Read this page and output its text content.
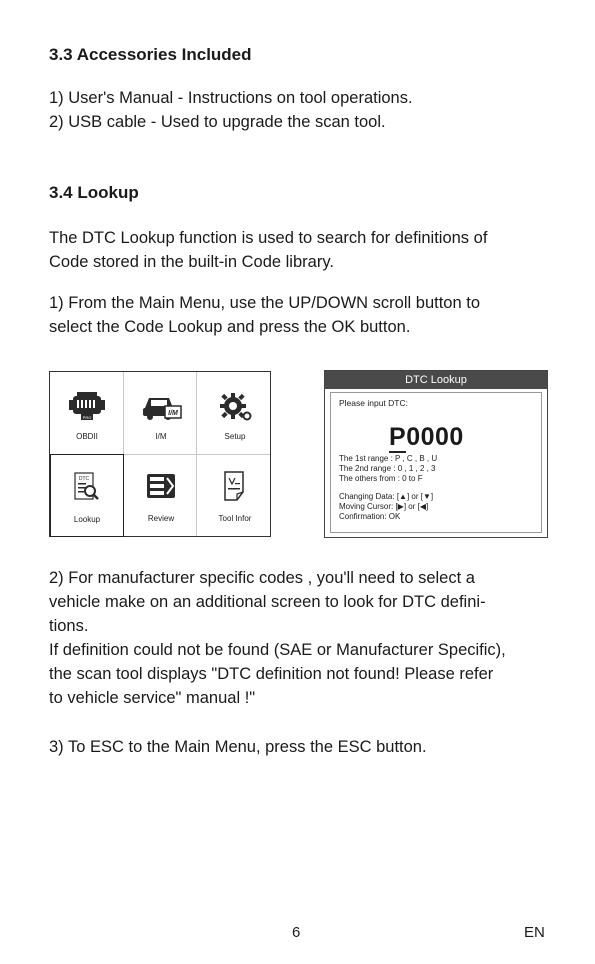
3.3 Accessories Included
1) User's Manual - Instructions on tool operations.
2) USB cable - Used to upgrade the scan tool.
3.4 Lookup
The DTC Lookup function is used to search for definitions of
Code stored in the built-in Code library.
1) From the Main Menu, use the UP/DOWN scroll button to
select the Code Lookup and press the OK button.
PRO
OBDII
I/M
I/M	Setup
DTC
Lookup	Review	Tool Infor
DTC Lookup
Please input DTC:
P0000
The 1st range : P , C , B , U
The 2nd range : 0 , 1 , 2 , 3
The others from : 0 to F
Changing Data: [▲] or [▼]
Moving Cursor: [▶] or [◀]
Confirmation: OK
2) For manufacturer specific codes , you'll need to select a
vehicle make on an additional screen to look for DTC defini-
tions.
If definition could not be found (SAE or Manufacturer Specific),
the scan tool displays "DTC definition not found! Please refer
to vehicle service" manual !"
3) To ESC to the Main Menu, press the ESC button.
6	EN
